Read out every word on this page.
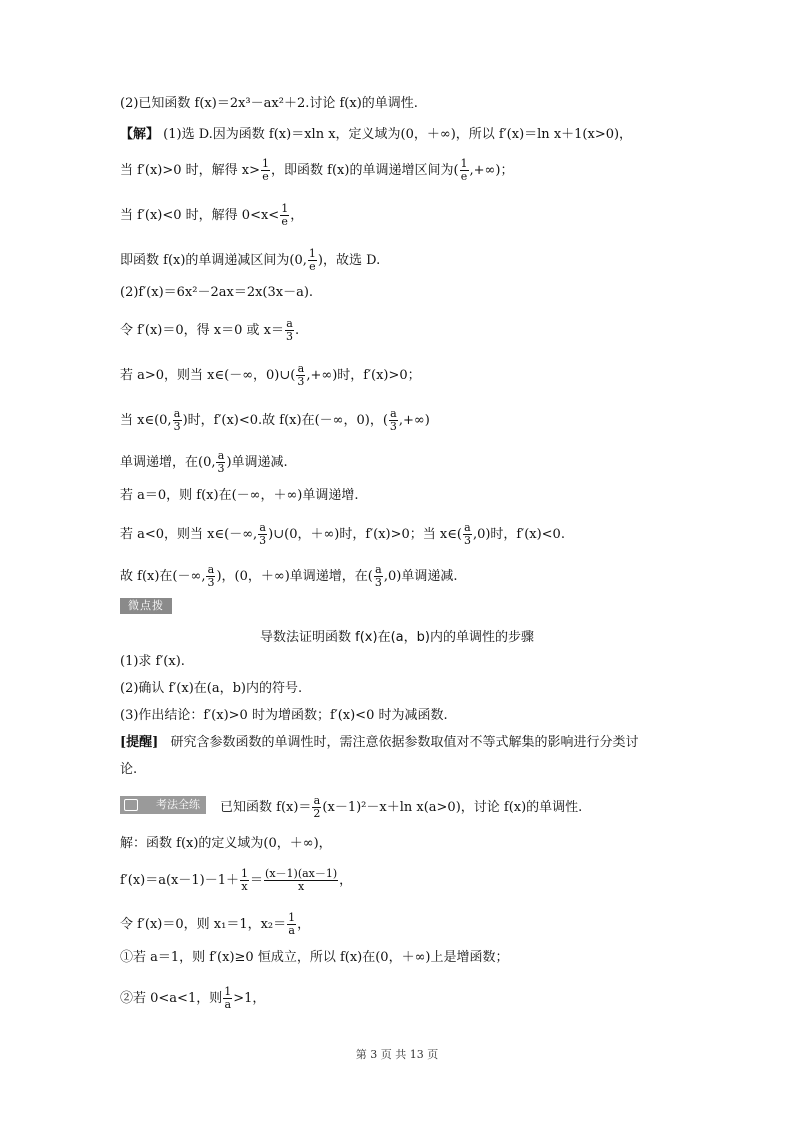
(2)已知函数 f(x)＝2x³－ax²＋2.讨论 f(x)的单调性.
【解】 (1)选 D.因为函数 f(x)＝xln x，定义域为(0，＋∞)，所以 f′(x)＝ln x＋1(x>0)，
当 f′(x)>0 时，解得 $x> \frac{1}{e}$ ，即函数 f(x)的单调递增区间为( $\frac{1}{e}$ ,+∞)；
当 f′(x)<0 时，解得 $0<x< \frac{1}{e}$ ，
即函数 f(x)的单调递减区间为(0, $\frac{1}{e}$ )，故选 D.
(2)f′(x)＝6x²－2ax＝2x(3x－a).
令 f′(x)＝0，得 x＝0 或 $x= \frac{a}{3}$ .
若 a>0，则当 x∈(－∞，0)∪( $\frac{a}{3}$ ,+∞)时，f′(x)>0；
当 x∈(0, $\frac{a}{3}$ )时，f′(x)<0.故 f(x)在(－∞，0)，( $\frac{a}{3}$ ,+∞)
单调递增，在(0, $\frac{a}{3}$ )单调递减.
若 a＝0，则 f(x)在(－∞，＋∞)单调递增.
若 a<0，则当 x∈(－∞, $\frac{a}{3}$ )∪(0，＋∞)时，f′(x)>0；当 x∈( $\frac{a}{3} ,0$)时，f′(x)<0.
故 f(x)在(－∞, $\frac{a}{3}$ )，(0，＋∞)单调递增，在( $\frac{a}{3} ,0$)单调递减.
微点拨
导数法证明函数 f(x)在(a，b)内的单调性的步骤
(1)求 f′(x).
(2)确认 f′(x)在(a，b)内的符号.
(3)作出结论：f′(x)>0 时为增函数；f′(x)<0 时为减函数.
[提醒] 研究含参数函数的单调性时，需注意依据参数取值对不等式解集的影响进行分类讨
论.
考法全练	已知函数 $f(x)= \frac{a}{2} (x-1)^2-x+\ln$ x(a>0)，讨论 f(x)的单调性.
解：函数 f(x)的定义域为(0，＋∞)，
$f'(x)=a(x-1)-1+ \frac{1}{x} = \frac{(x-1)(ax-1)}{x}$ ，
令 f′(x)＝0，则 x₁＝1，$x_2= \frac{1}{a}$ ，
①若 a＝1，则 f′(x)≥0 恒成立，所以 f(x)在(0，＋∞)上是增函数；
②若 0<a<1，则 $\frac{1}{a} >1$，
第 3 页 共 13 页
